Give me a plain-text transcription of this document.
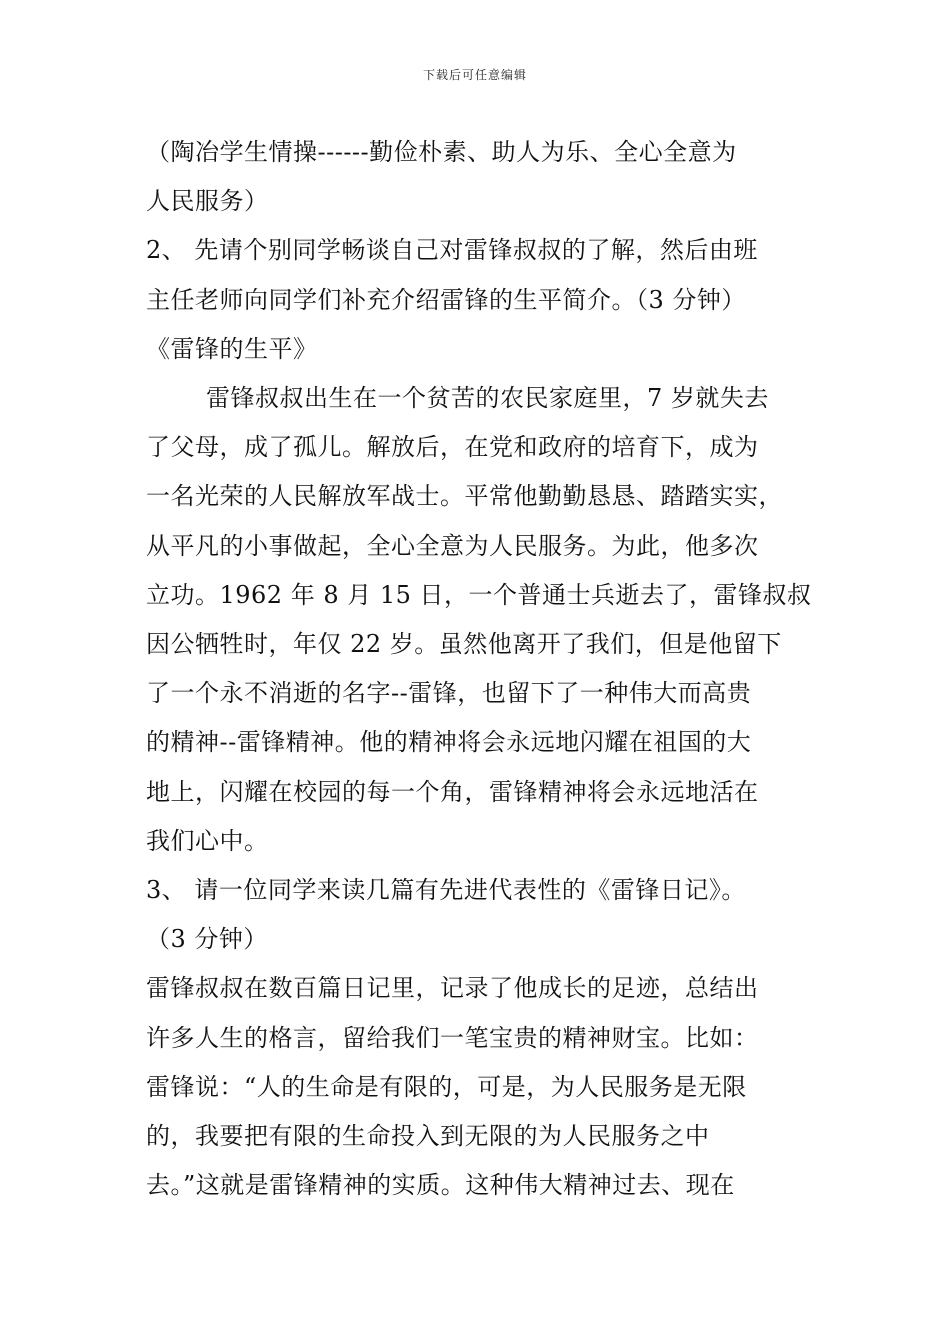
下载后可任意编辑
（陶冶学生情操------勤俭朴素、助人为乐、全心全意为
人民服务）
2、 先请个别同学畅谈自己对雷锋叔叔的了解，然后由班
主任老师向同学们补充介绍雷锋的生平简介。（3 分钟）
《雷锋的生平》
雷锋叔叔出生在一个贫苦的农民家庭里，7 岁就失去
了父母，成了孤儿。解放后，在党和政府的培育下，成为
一名光荣的人民解放军战士。平常他勤勤恳恳、踏踏实实，
从平凡的小事做起，全心全意为人民服务。为此，他多次
立功。1962 年 8 月 15 日，一个普通士兵逝去了，雷锋叔叔
因公牺牲时，年仅 22 岁。虽然他离开了我们，但是他留下
了一个永不消逝的名字--雷锋，也留下了一种伟大而高贵
的精神--雷锋精神。他的精神将会永远地闪耀在祖国的大
地上，闪耀在校园的每一个角，雷锋精神将会永远地活在
我们心中。
3、 请一位同学来读几篇有先进代表性的《雷锋日记》。
（3 分钟）
雷锋叔叔在数百篇日记里，记录了他成长的足迹，总结出
许多人生的格言，留给我们一笔宝贵的精神财宝。比如：
雷锋说：“人的生命是有限的，可是，为人民服务是无限
的，我要把有限的生命投入到无限的为人民服务之中
去。”这就是雷锋精神的实质。这种伟大精神过去、现在
